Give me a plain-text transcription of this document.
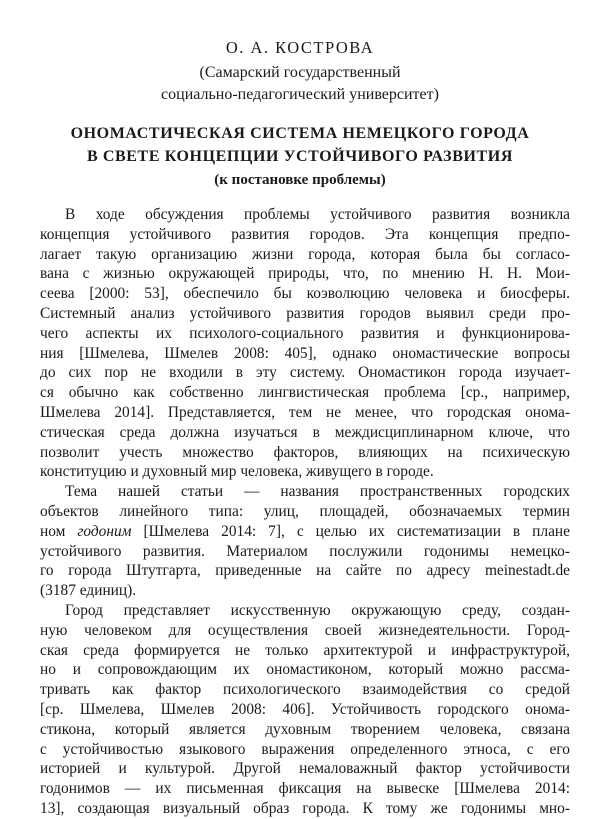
О. А. КОСТРОВА
(Самарский государственный
социально-педагогический университет)
ОНОМАСТИЧЕСКАЯ СИСТЕМА НЕМЕЦКОГО ГОРОДА
В СВЕТЕ КОНЦЕПЦИИ УСТОЙЧИВОГО РАЗВИТИЯ
(к постановке проблемы)
В ходе обсуждения проблемы устойчивого развития возникла
концепция устойчивого развития городов. Эта концепция предпо-
лагает такую организацию жизни города, которая была бы согласо-
вана с жизнью окружающей природы, что, по мнению Н. Н. Мои-
сеева [2000: 53], обеспечило бы коэволюцию человека и биосферы.
Системный анализ устойчивого развития городов выявил среди про-
чего аспекты их психолого-социального развития и функционирова-
ния [Шмелева, Шмелев 2008: 405], однако ономастические вопросы
до сих пор не входили в эту систему. Ономастикон города изучает-
ся обычно как собственно лингвистическая проблема [ср., например,
Шмелева 2014]. Представляется, тем не менее, что городская онома-
стическая среда должна изучаться в междисциплинарном ключе, что
позволит учесть множество факторов, влияющих на психическую
конституцию и духовный мир человека, живущего в городе.
Тема нашей статьи — названия пространственных городских
объектов линейного типа: улиц, площадей, обозначаемых термин
ном годоним [Шмелева 2014: 7], с целью их систематизации в плане
устойчивого развития. Материалом послужили годонимы немецко-
го города Штутгарта, приведенные на сайте по адресу meinestadt.de
(3187 единиц).
Город представляет искусственную окружающую среду, создан-
ную человеком для осуществления своей жизнедеятельности. Город-
ская среда формируется не только архитектурой и инфраструктурой,
но и сопровождающим их ономастиконом, который можно рассма-
тривать как фактор психологического взаимодействия со средой
[ср. Шмелева, Шмелев 2008: 406]. Устойчивость городского онома-
стикона, который является духовным творением человека, связана
с устойчивостью языкового выражения определенного этноса, с его
историей и культурой. Другой немаловажный фактор устойчивости
годонимов — их письменная фиксация на вывеске [Шмелева 2014:
13], создающая визуальный образ города. К тому же годонимы мно-
